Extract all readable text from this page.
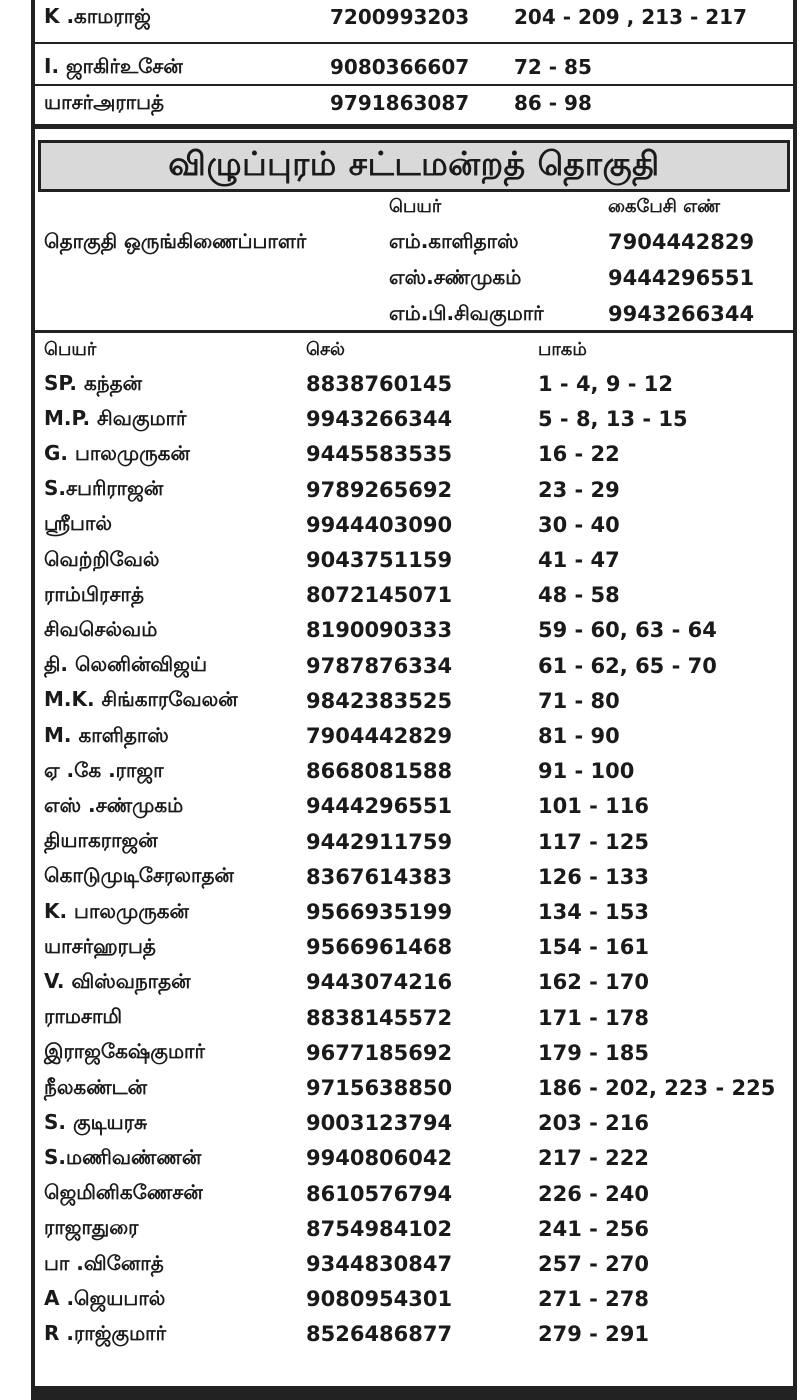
K .காமராஜ்	7200993203	204 - 209 , 213 - 217
I. ஜாகிர்உசேன்	9080366607	72 - 85
யாசர்அராபத்	9791863087	86 - 98
விழுப்புரம் சட்டமன்றத் தொகுதி
பெயர்	கைபேசி எண்
தொகுதி ஒருங்கிணைப்பாளர்	எம்.காளிதாஸ்	7904442829
எஸ்.சண்முகம்	9444296551
எம்.பி.சிவகுமார்	9943266344
பெயர்	செல்	பாகம்
SP. கந்தன்	8838760145	1 - 4, 9 - 12
M.P. சிவகுமார்	9943266344	5 - 8, 13 - 15
G. பாலமுருகன்	9445583535	16 - 22
S.சபரிராஜன்	9789265692	23 - 29
ஸ்ரீபால்	9944403090	30 - 40
வெற்றிவேல்	9043751159	41 - 47
ராம்பிரசாத்	8072145071	48 - 58
சிவசெல்வம்	8190090333	59 - 60, 63 - 64
தி. லெனின்விஜய்	9787876334	61 - 62, 65 - 70
M.K. சிங்காரவேலன்	9842383525	71 - 80
M. காளிதாஸ்	7904442829	81 - 90
ஏ .கே .ராஜா	8668081588	91 - 100
எஸ் .சண்முகம்	9444296551	101 - 116
தியாகராஜன்	9442911759	117 - 125
கொடுமுடிசேரலாதன்	8367614383	126 - 133
K. பாலமுருகன்	9566935199	134 - 153
யாசர்ஹரபத்	9566961468	154 - 161
V. விஸ்வநாதன்	9443074216	162 - 170
ராமசாமி	8838145572	171 - 178
இராஜகேஷ்குமார்	9677185692	179 - 185
நீலகண்டன்	9715638850	186 - 202, 223 - 225
S. குடியரசு	9003123794	203 - 216
S.மணிவண்ணன்	9940806042	217 - 222
ஜெமினிகணேசன்	8610576794	226 - 240
ராஜாதுரை	8754984102	241 - 256
பா .வினோத்	9344830847	257 - 270
A .ஜெயபால்	9080954301	271 - 278
R .ராஜ்குமார்	8526486877	279 - 291
